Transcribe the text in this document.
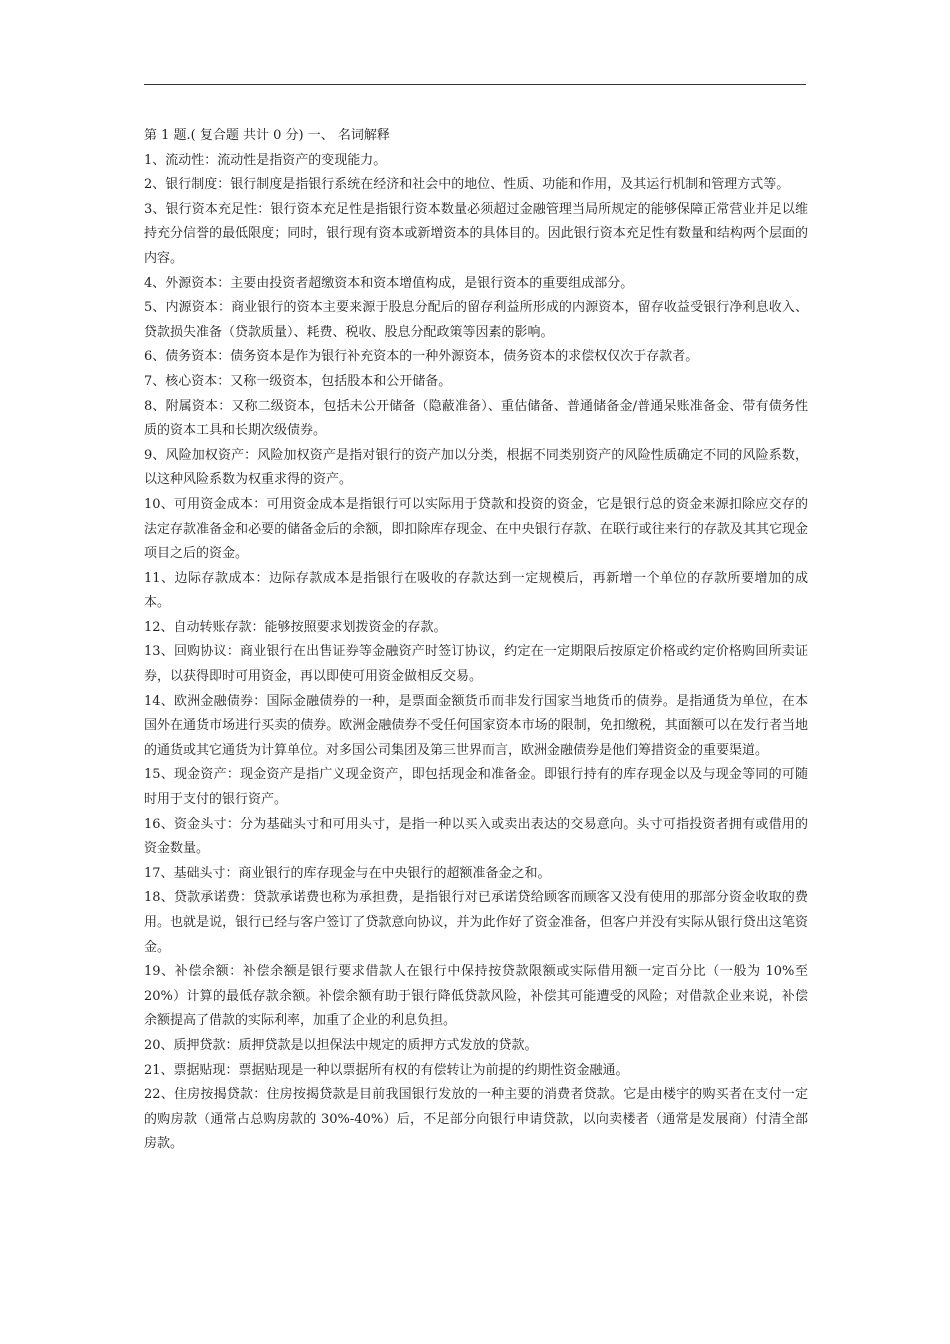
第 1 题.( 复合题 共计 0 分) 一、 名词解释

1、流动性：流动性是指资产的变现能力。

2、银行制度：银行制度是指银行系统在经济和社会中的地位、性质、功能和作用，及其运行机制和管理方式等。

3、银行资本充足性：银行资本充足性是指银行资本数量必须超过金融管理当局所规定的能够保障正常营业并足以维持充分信誉的最低限度；同时，银行现有资本或新增资本的具体目的。因此银行资本充足性有数量和结构两个层面的内容。

4、外源资本：主要由投资者超缴资本和资本增值构成，是银行资本的重要组成部分。

5、内源资本：商业银行的资本主要来源于股息分配后的留存利益所形成的内源资本，留存收益受银行净利息收入、贷款损失准备（贷款质量）、耗费、税收、股息分配政策等因素的影响。

6、债务资本：债务资本是作为银行补充资本的一种外源资本，债务资本的求偿权仅次于存款者。

7、核心资本：又称一级资本，包括股本和公开储备。

8、附属资本：又称二级资本，包括未公开储备（隐蔽准备）、重估储备、普通储备金/普通呆账准备金、带有债务性质的资本工具和长期次级债券。

9、风险加权资产：风险加权资产是指对银行的资产加以分类，根据不同类别资产的风险性质确定不同的风险系数，以这种风险系数为权重求得的资产。

10、可用资金成本：可用资金成本是指银行可以实际用于贷款和投资的资金，它是银行总的资金来源扣除应交存的法定存款准备金和必要的储备金后的余额，即扣除库存现金、在中央银行存款、在联行或往来行的存款及其其它现金项目之后的资金。

11、边际存款成本：边际存款成本是指银行在吸收的存款达到一定规模后，再新增一个单位的存款所要增加的成本。

12、自动转账存款：能够按照要求划拨资金的存款。

13、回购协议：商业银行在出售证券等金融资产时签订协议，约定在一定期限后按原定价格或约定价格购回所卖证券，以获得即时可用资金，再以即使可用资金做相反交易。

14、欧洲金融债券：国际金融债券的一种，是票面金额货币而非发行国家当地货币的债券。是指通货为单位，在本国外在通货市场进行买卖的债券。欧洲金融债券不受任何国家资本市场的限制，免扣缴税，其面额可以在发行者当地的通货或其它通货为计算单位。对多国公司集团及第三世界而言，欧洲金融债券是他们筹措资金的重要渠道。

15、现金资产：现金资产是指广义现金资产，即包括现金和准备金。即银行持有的库存现金以及与现金等同的可随时用于支付的银行资产。

16、资金头寸：分为基础头寸和可用头寸，是指一种以买入或卖出表达的交易意向。头寸可指投资者拥有或借用的资金数量。

17、基础头寸：商业银行的库存现金与在中央银行的超额准备金之和。

18、贷款承诺费：贷款承诺费也称为承担费，是指银行对已承诺贷给顾客而顾客又没有使用的那部分资金收取的费用。也就是说，银行已经与客户签订了贷款意向协议，并为此作好了资金准备，但客户并没有实际从银行贷出这笔资金。

19、补偿余额：补偿余额是银行要求借款人在银行中保持按贷款限额或实际借用额一定百分比（一般为 10%至 20%）计算的最低存款余额。补偿余额有助于银行降低贷款风险，补偿其可能遭受的风险；对借款企业来说，补偿余额提高了借款的实际利率，加重了企业的利息负担。

20、质押贷款：质押贷款是以担保法中规定的质押方式发放的贷款。

21、票据贴现：票据贴现是一种以票据所有权的有偿转让为前提的约期性资金融通。

22、住房按揭贷款：住房按揭贷款是目前我国银行发放的一种主要的消费者贷款。它是由楼宇的购买者在支付一定的购房款（通常占总购房款的 30%-40%）后，不足部分向银行申请贷款，以向卖楼者（通常是发展商）付清全部房款。
